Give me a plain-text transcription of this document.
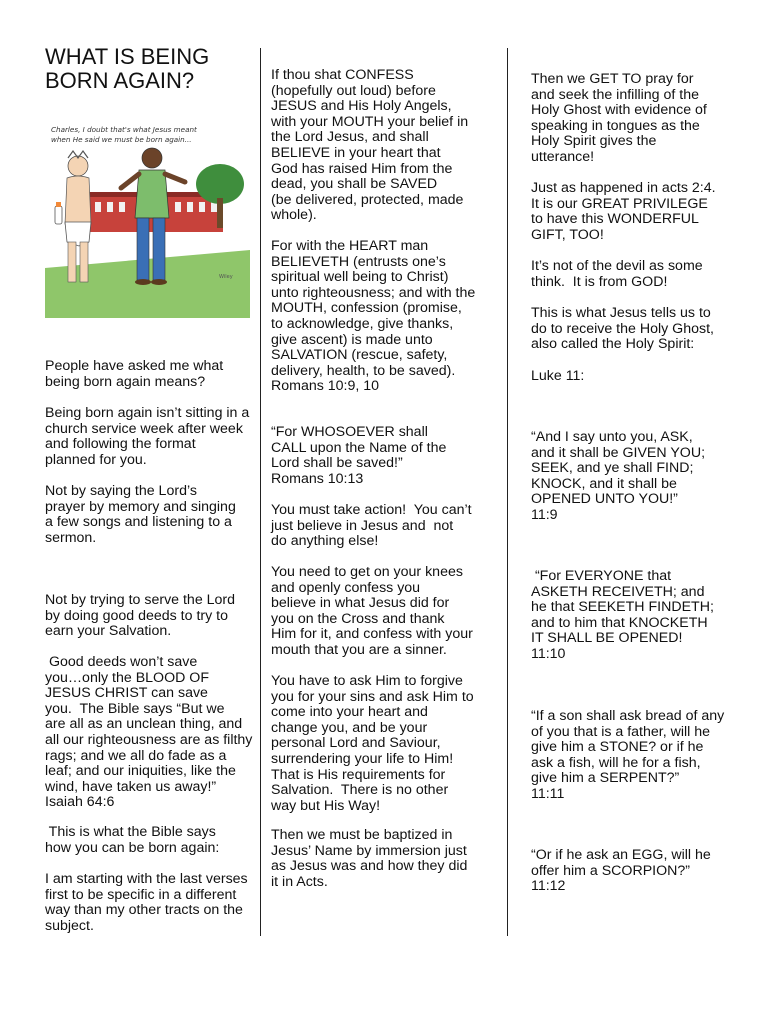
WHAT IS BEING
BORN AGAIN?
Charles, I doubt that's what Jesus meant
when He said we must be born again...
Wiley

People have asked me what
being born again means?

Being born again isn’t sitting in a
church service week after week
and following the format
planned for you.

Not by saying the Lord’s
prayer by memory and singing
a few songs and listening to a
sermon.

Not by trying to serve the Lord
by doing good deeds to try to
earn your Salvation.

Good deeds won’t save
you…only the BLOOD OF
JESUS CHRIST can save
you.  The Bible says “But we
are all as an unclean thing, and
all our righteousness are as filthy
rags; and we all do fade as a
leaf; and our iniquities, like the
wind, have taken us away!”
Isaiah 64:6

This is what the Bible says
how you can be born again:

I am starting with the last verses
first to be specific in a different
way than my other tracts on the
subject.

If thou shat CONFESS
(hopefully out loud) before
JESUS and His Holy Angels,
with your MOUTH your belief in
the Lord Jesus, and shall
BELIEVE in your heart that
God has raised Him from the
dead, you shall be SAVED
(be delivered, protected, made
whole).

For with the HEART man
BELIEVETH (entrusts one’s
spiritual well being to Christ)
unto righteousness; and with the
MOUTH, confession (promise,
to acknowledge, give thanks,
give ascent) is made unto
SALVATION (rescue, safety,
delivery, health, to be saved).
Romans 10:9, 10

“For WHOSOEVER shall
CALL upon the Name of the
Lord shall be saved!”
Romans 10:13

You must take action!  You can’t
just believe in Jesus and  not
do anything else!

You need to get on your knees
and openly confess you
believe in what Jesus did for
you on the Cross and thank
Him for it, and confess with your
mouth that you are a sinner.

You have to ask Him to forgive
you for your sins and ask Him to
come into your heart and
change you, and be your
personal Lord and Saviour,
surrendering your life to Him!
That is His requirements for
Salvation.  There is no other
way but His Way!

Then we must be baptized in
Jesus’ Name by immersion just
as Jesus was and how they did
it in Acts.

Then we GET TO pray for
and seek the infilling of the
Holy Ghost with evidence of
speaking in tongues as the
Holy Spirit gives the
utterance!

Just as happened in acts 2:4.
It is our GREAT PRIVILEGE
to have this WONDERFUL
GIFT, TOO!

It’s not of the devil as some
think.  It is from GOD!

This is what Jesus tells us to
do to receive the Holy Ghost,
also called the Holy Spirit:

Luke 11:

“And I say unto you, ASK,
and it shall be GIVEN YOU;
SEEK, and ye shall FIND;
KNOCK, and it shall be
OPENED UNTO YOU!”
11:9

“For EVERYONE that
ASKETH RECEIVETH; and
he that SEEKETH FINDETH;
and to him that KNOCKETH
IT SHALL BE OPENED!
11:10

“If a son shall ask bread of any
of you that is a father, will he
give him a STONE? or if he
ask a fish, will he for a fish,
give him a SERPENT?”
11:11

“Or if he ask an EGG, will he
offer him a SCORPION?”
11:12
